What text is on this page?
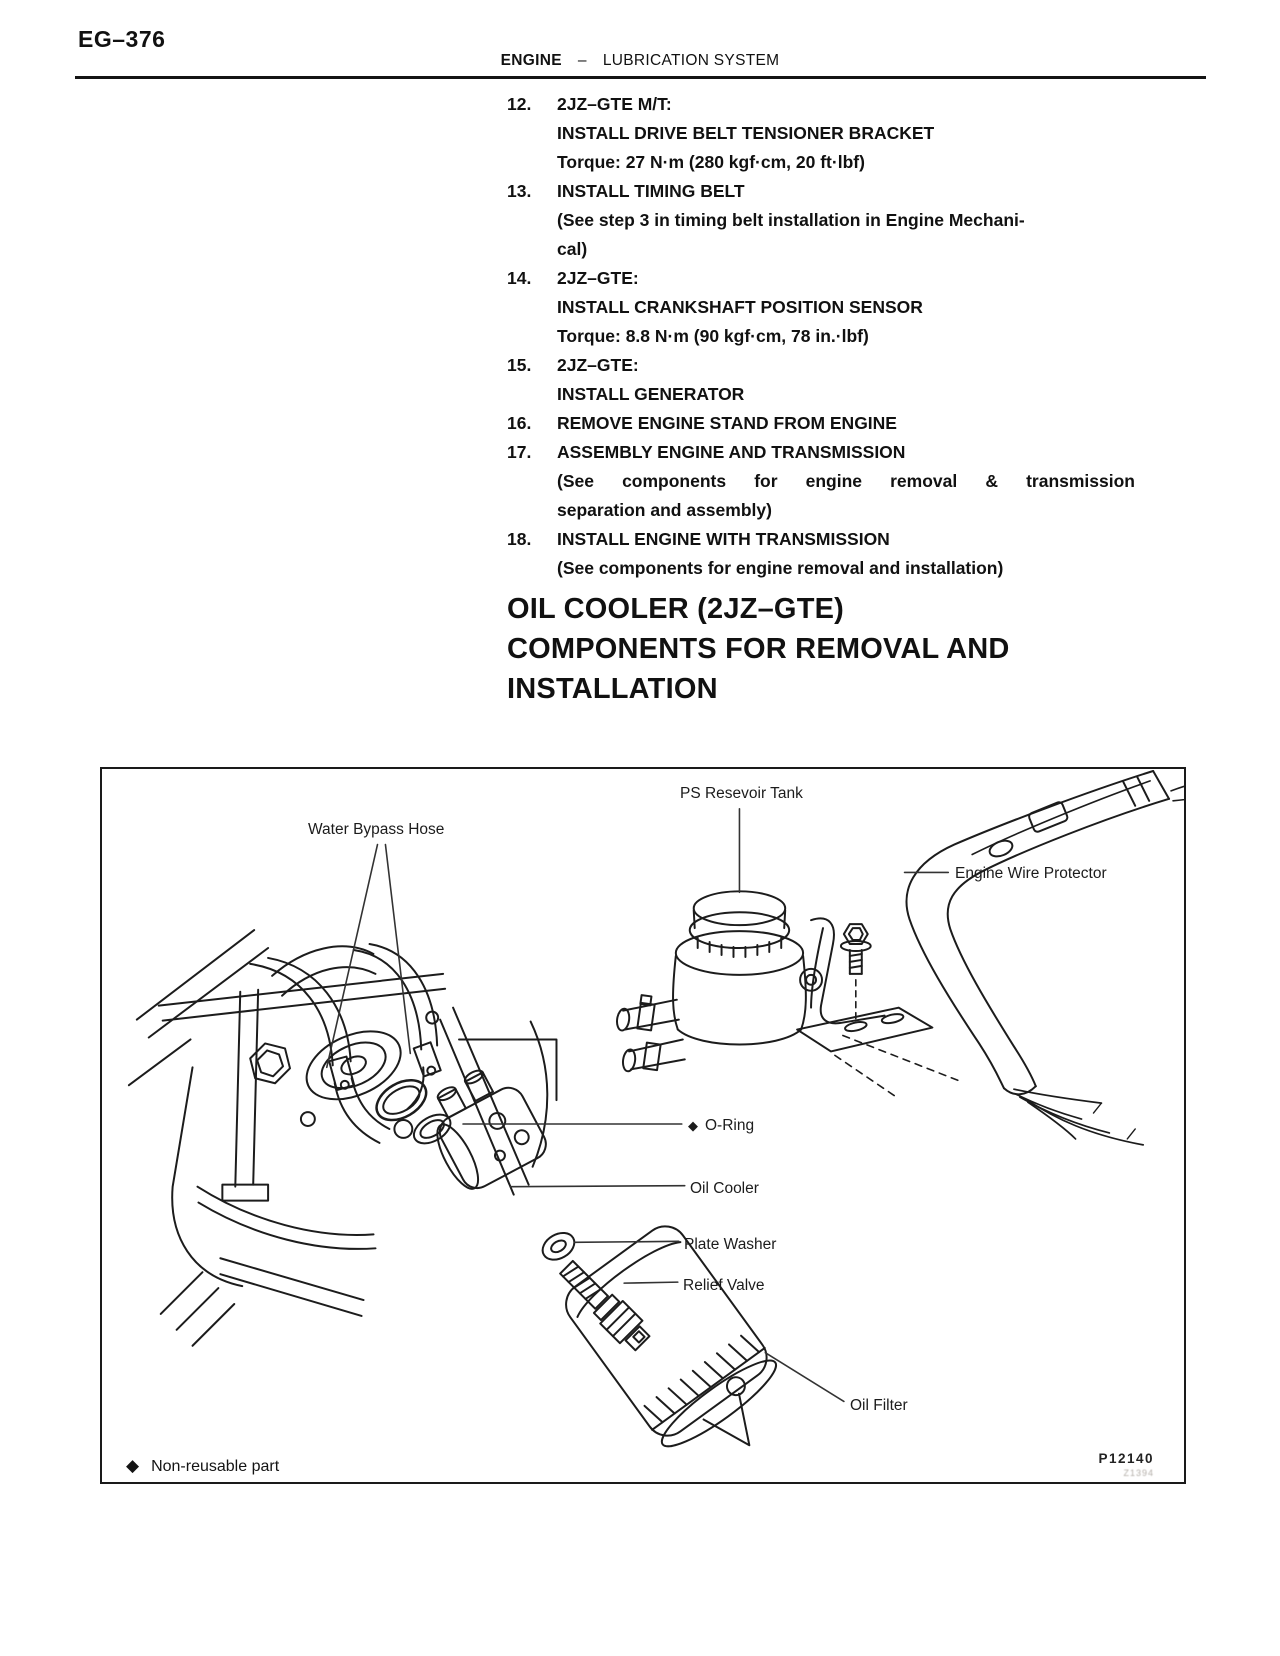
EG–376
ENGINE – LUBRICATION SYSTEM
12.	2JZ–GTE M/T:
INSTALL DRIVE BELT TENSIONER BRACKET
Torque: 27 N·m (280 kgf·cm, 20 ft·lbf)
13.	INSTALL TIMING BELT
(See step 3 in timing belt installation in Engine Mechani-
cal)
14.	2JZ–GTE:
INSTALL CRANKSHAFT POSITION SENSOR
Torque: 8.8 N·m (90 kgf·cm, 78 in.·lbf)
15.	2JZ–GTE:
INSTALL GENERATOR
16.	REMOVE ENGINE STAND FROM ENGINE
17.	ASSEMBLY ENGINE AND TRANSMISSION
(See components for engine removal & transmission
separation and assembly)
18.	INSTALL ENGINE WITH TRANSMISSION
(See components for engine removal and installation)
OIL COOLER (2JZ–GTE)
COMPONENTS FOR REMOVAL AND
INSTALLATION
Water Bypass Hose
PS Resevoir Tank
Engine Wire Protector
◆ O-Ring
Oil Cooler
Plate Washer
Relief Valve
Oil Filter
◆ Non-reusable part	P12140
Z1394
